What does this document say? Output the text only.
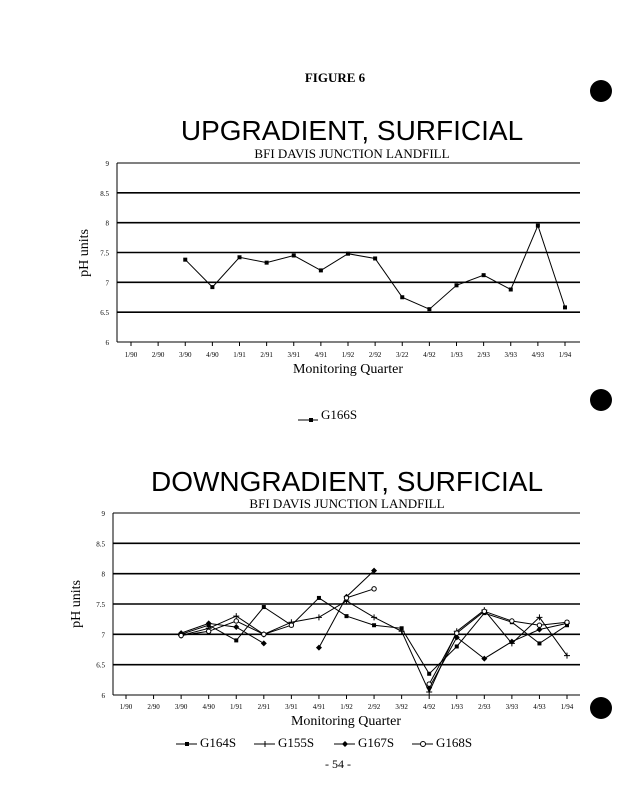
FIGURE 6
UPGRADIENT, SURFICIAL
BFI DAVIS JUNCTION LANDFILL
6
6.5
7
7.5
8
8.5
9
1/90 2/90 3/90 4/90 1/91 2/91 3/91 4/91 1/92 2/92 3/22 4/92 1/93 2/93 3/93 4/93 1/94
pH units
Monitoring Quarter
G166S
DOWNGRADIENT, SURFICIAL
BFI DAVIS JUNCTION LANDFILL
6
6.5
7
7.5
8
8.5
9
1/90 2/90 3/90 4/90 1/91 2/91 3/91 4/91 1/92 2/92 3/92 4/92 1/93 2/93 3/93 4/93 1/94
pH units
Monitoring Quarter
G164S	G155S	G167S	G168S
- 54 -
